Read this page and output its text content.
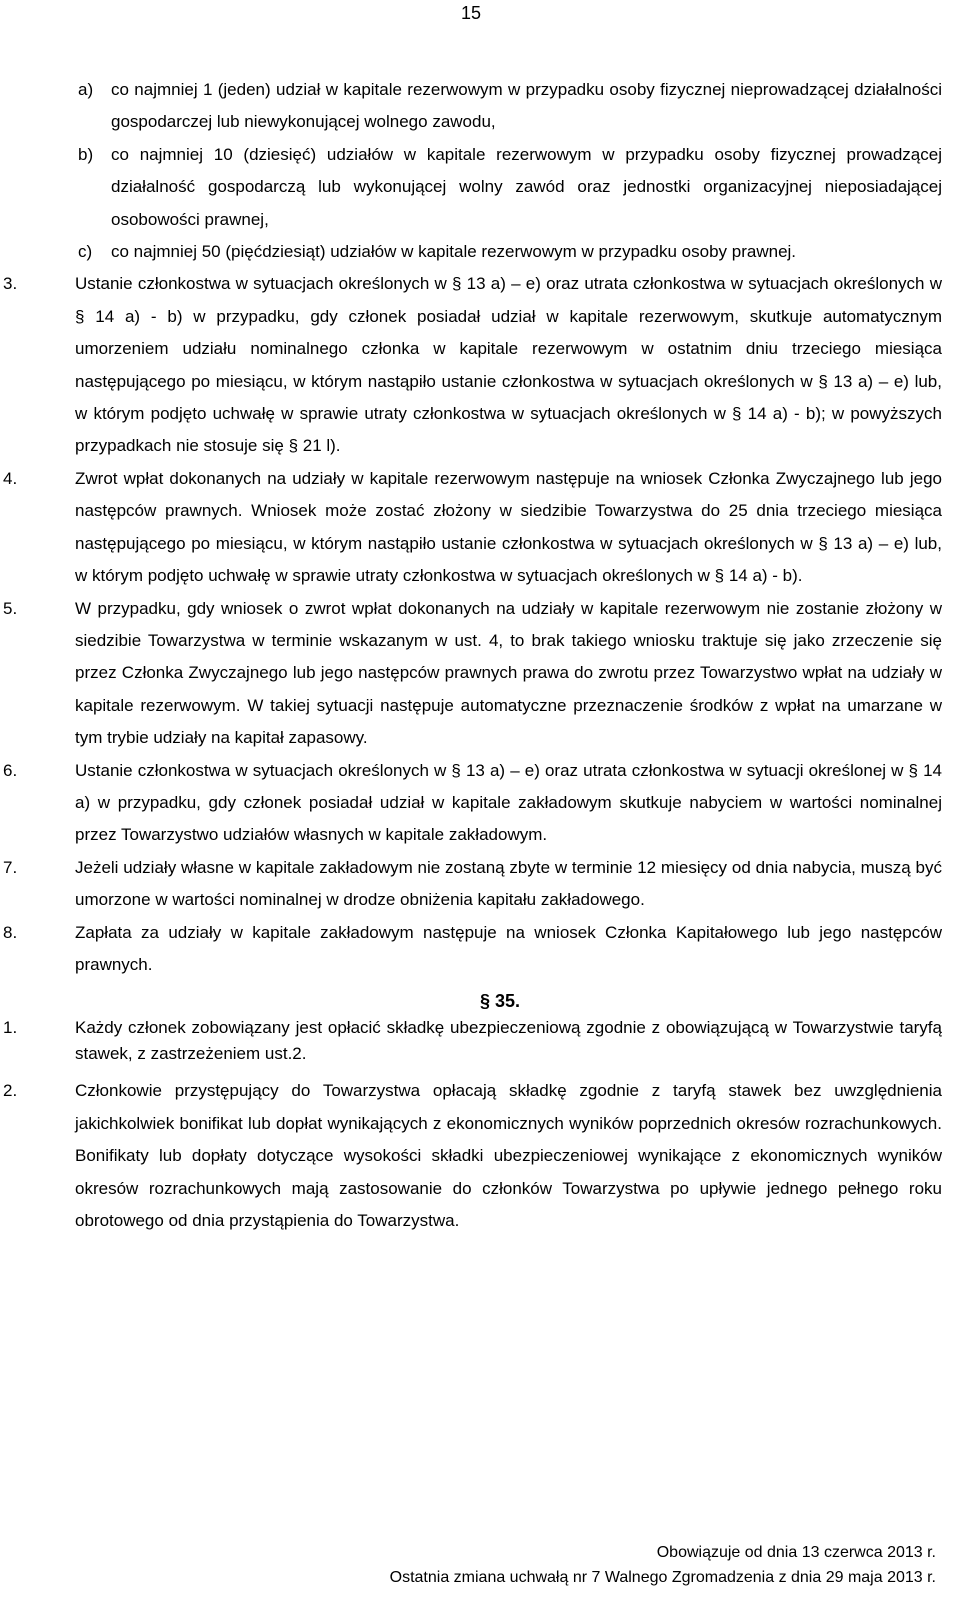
15
a) co najmniej 1 (jeden) udział w kapitale rezerwowym w przypadku osoby fizycznej nieprowadzącej działalności gospodarczej lub niewykonującej wolnego zawodu,
b) co najmniej 10 (dziesięć) udziałów w kapitale rezerwowym w przypadku osoby fizycznej prowadzącej działalność gospodarczą lub wykonującej wolny zawód oraz jednostki organizacyjnej nieposiadającej osobowości prawnej,
c) co najmniej 50 (pięćdziesiąt) udziałów w kapitale rezerwowym w przypadku osoby prawnej.
3.	Ustanie członkostwa w sytuacjach określonych w § 13 a) – e) oraz utrata członkostwa w sytuacjach określonych w § 14 a) - b) w przypadku, gdy członek posiadał udział w kapitale rezerwowym, skutkuje automatycznym umorzeniem udziału nominalnego członka w kapitale rezerwowym w ostatnim dniu trzeciego miesiąca następującego po miesiącu, w którym nastąpiło ustanie członkostwa w sytuacjach określonych w § 13 a) – e) lub, w którym podjęto uchwałę w sprawie utraty członkostwa w sytuacjach określonych w § 14 a) - b); w powyższych przypadkach nie stosuje się § 21 l).
4.	Zwrot wpłat dokonanych na udziały w kapitale rezerwowym następuje na wniosek Członka Zwyczajnego lub jego następców prawnych. Wniosek może zostać złożony w siedzibie Towarzystwa do 25 dnia trzeciego miesiąca następującego po miesiącu, w którym nastąpiło ustanie członkostwa w sytuacjach określonych w § 13 a) – e) lub, w którym podjęto uchwałę w sprawie utraty członkostwa w sytuacjach określonych w § 14 a) - b).
5.	W przypadku, gdy wniosek o zwrot wpłat dokonanych na udziały w kapitale rezerwowym nie zostanie złożony w siedzibie Towarzystwa w terminie wskazanym w ust. 4, to brak takiego wniosku traktuje się jako zrzeczenie się przez Członka Zwyczajnego lub jego następców prawnych prawa do zwrotu przez Towarzystwo wpłat na udziały w kapitale rezerwowym. W takiej sytuacji następuje automatyczne przeznaczenie środków z wpłat na umarzane w tym trybie udziały na kapitał zapasowy.
6.	Ustanie członkostwa w sytuacjach określonych w § 13 a) – e) oraz utrata członkostwa w sytuacji określonej w § 14 a) w przypadku, gdy członek posiadał udział w kapitale zakładowym skutkuje nabyciem w wartości nominalnej przez Towarzystwo udziałów własnych w kapitale zakładowym.
7.	Jeżeli udziały własne w kapitale zakładowym nie zostaną zbyte w terminie 12 miesięcy od dnia nabycia, muszą być umorzone w wartości nominalnej w drodze obniżenia kapitału zakładowego.
8.	Zapłata za udziały w kapitale zakładowym następuje na wniosek Członka Kapitałowego lub jego następców prawnych.
§ 35.
1.	Każdy członek zobowiązany jest opłacić składkę ubezpieczeniową zgodnie z obowiązującą w Towarzystwie taryfą stawek, z zastrzeżeniem ust.2.
2.	Członkowie przystępujący do Towarzystwa opłacają składkę zgodnie z taryfą stawek bez uwzględnienia jakichkolwiek bonifikat lub dopłat wynikających z ekonomicznych wyników poprzednich okresów rozrachunkowych. Bonifikaty lub dopłaty dotyczące wysokości składki ubezpieczeniowej wynikające z ekonomicznych wyników okresów rozrachunkowych mają zastosowanie do członków Towarzystwa po upływie jednego pełnego roku obrotowego od dnia przystąpienia do Towarzystwa.
Obowiązuje od dnia 13 czerwca 2013 r.
Ostatnia zmiana uchwałą nr 7 Walnego Zgromadzenia z dnia 29 maja 2013 r.
